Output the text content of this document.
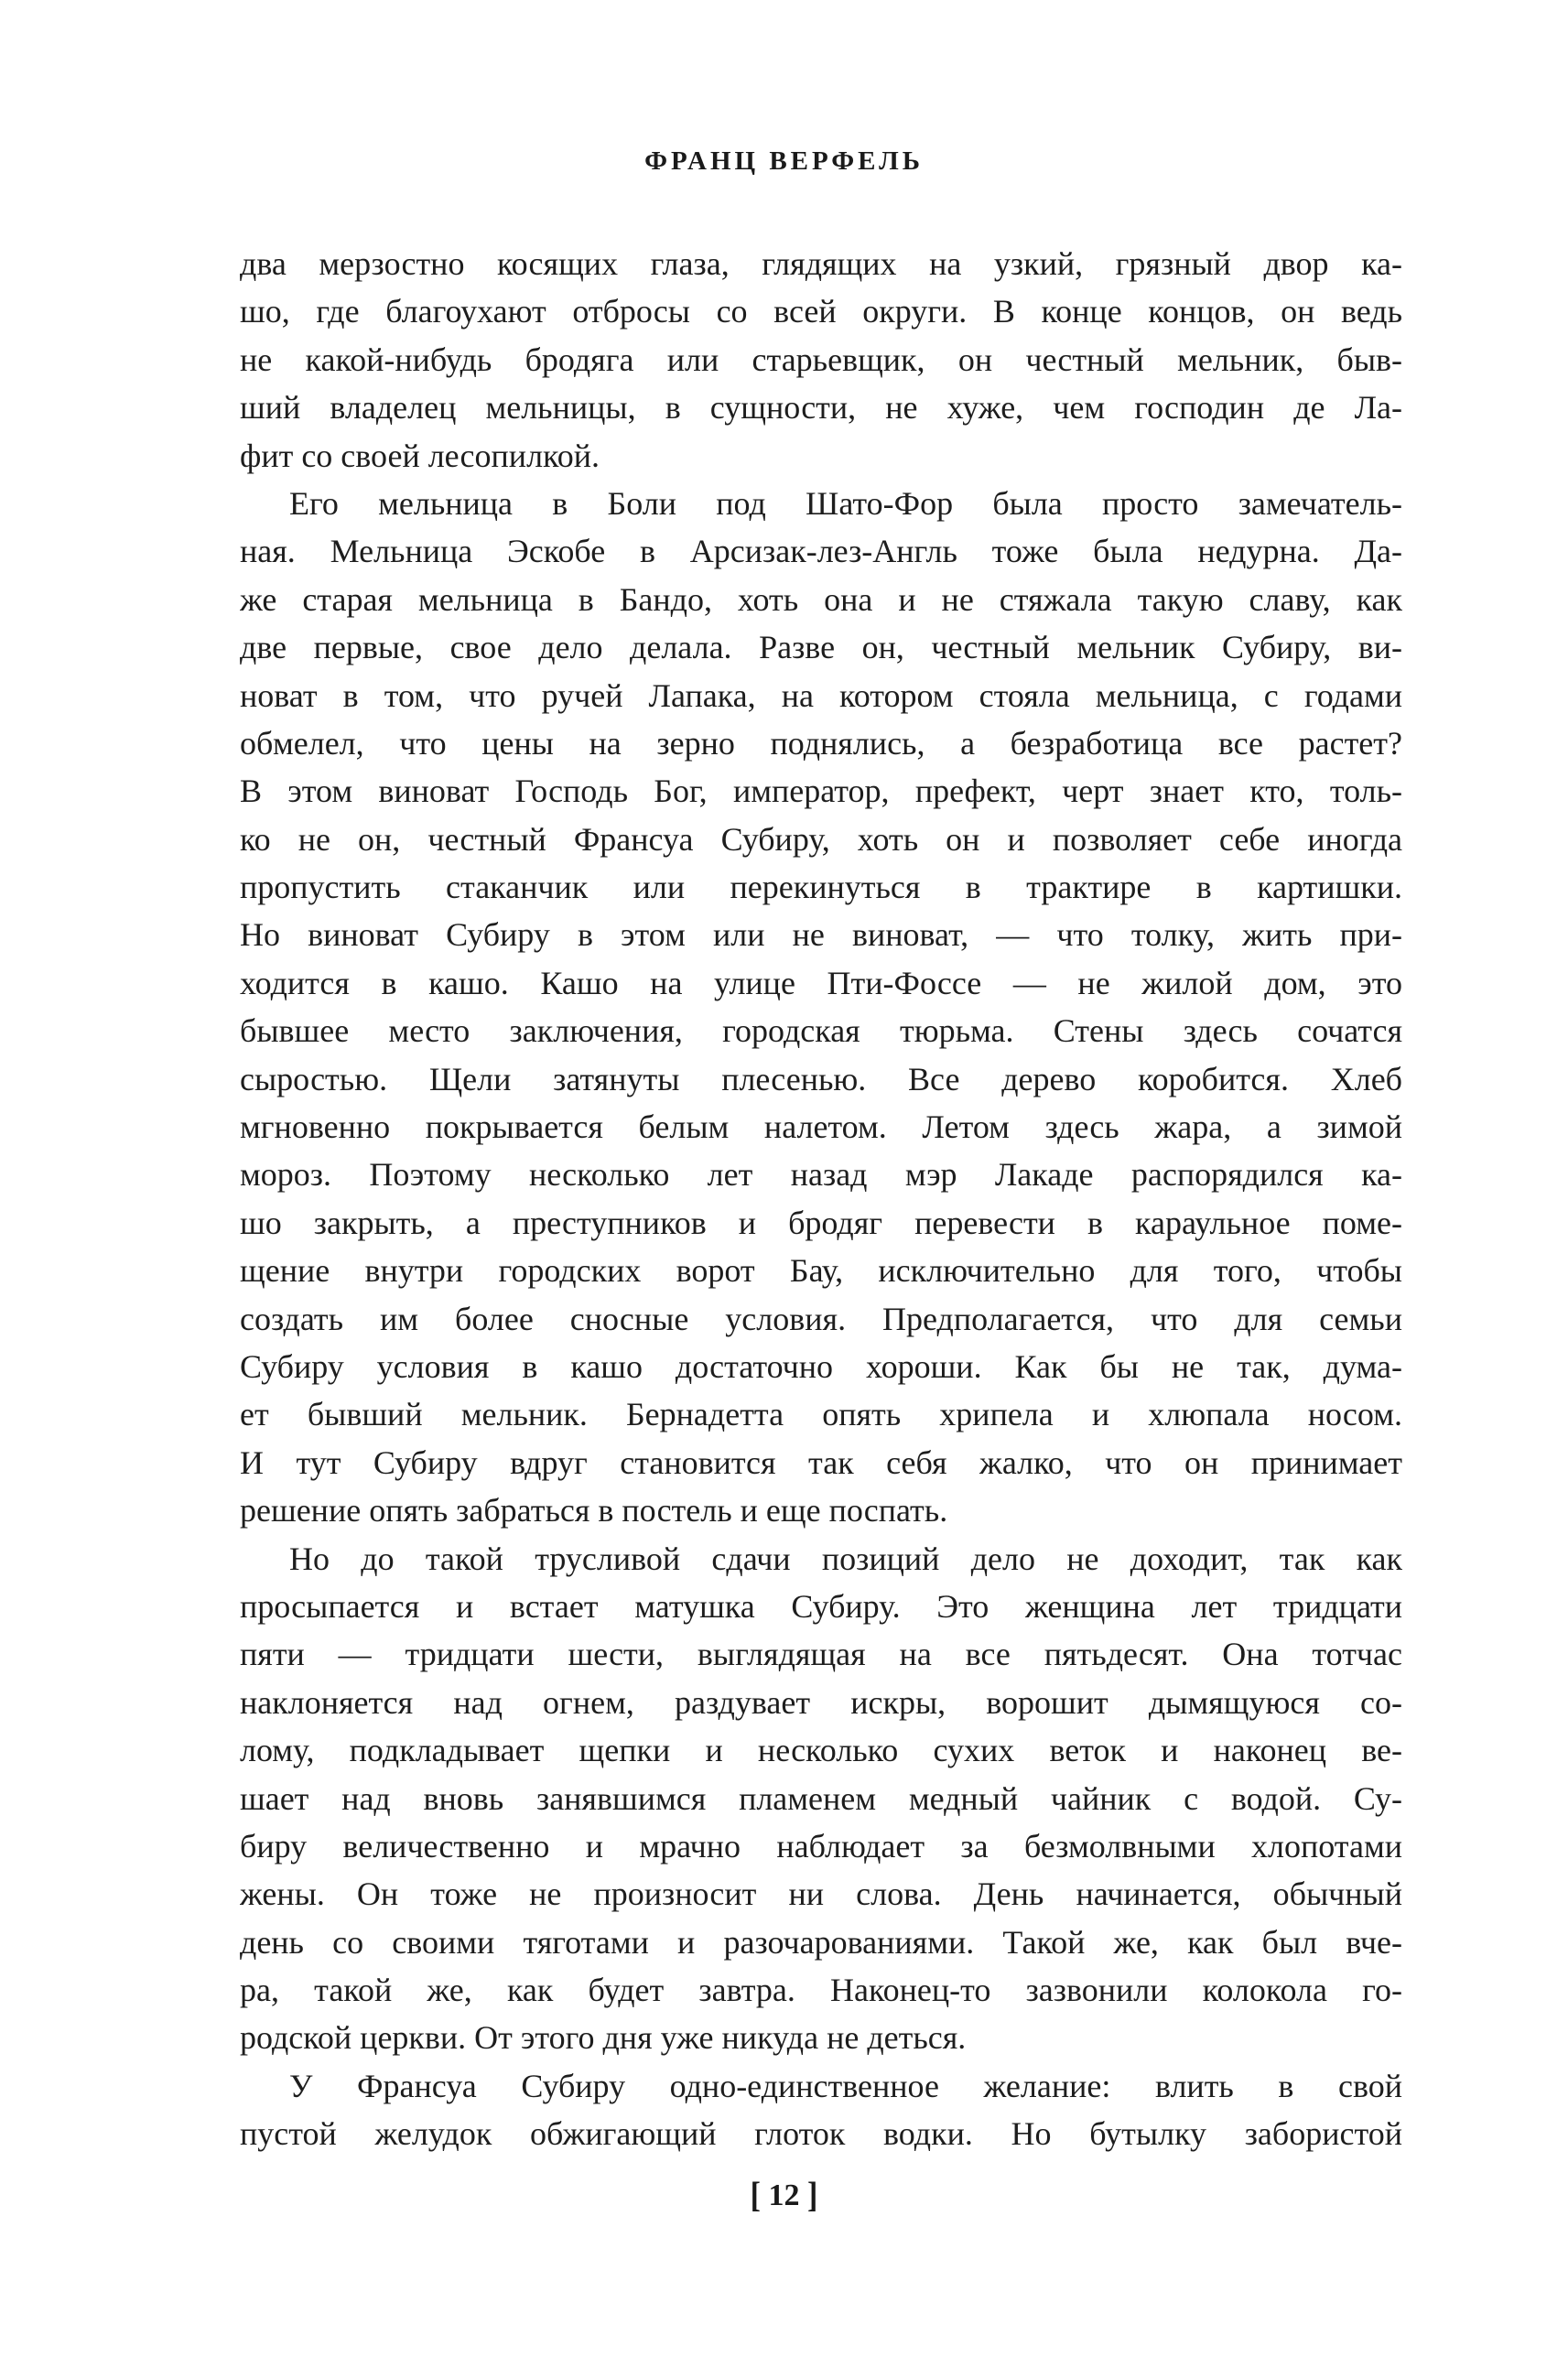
ФРАНЦ ВЕРФЕЛЬ
два мерзостно косящих глаза, глядящих на узкий, грязный двор ка-
шо, где благоухают отбросы со всей округи. В конце концов, он ведь
не какой-нибудь бродяга или старьевщик, он честный мельник, быв-
ший владелец мельницы, в сущности, не хуже, чем господин де Ла-
фит со своей лесопилкой.
Его мельница в Боли под Шато-Фор была просто замечатель-
ная. Мельница Эскобе в Арсизак-лез-Англь тоже была недурна. Да-
же старая мельница в Бандо, хоть она и не стяжала такую славу, как
две первые, свое дело делала. Разве он, честный мельник Субиру, ви-
новат в том, что ручей Лапака, на котором стояла мельница, с годами
обмелел, что цены на зерно поднялись, а безработица все растет?
В этом виноват Господь Бог, император, префект, черт знает кто, толь-
ко не он, честный Франсуа Субиру, хоть он и позволяет себе иногда
пропустить стаканчик или перекинуться в трактире в картишки.
Но виноват Субиру в этом или не виноват, — что толку, жить при-
ходится в кашо. Кашо на улице Пти-Фоссе — не жилой дом, это
бывшее место заключения, городская тюрьма. Стены здесь сочатся
сыростью. Щели затянуты плесенью. Все дерево коробится. Хлеб
мгновенно покрывается белым налетом. Летом здесь жара, а зимой
мороз. Поэтому несколько лет назад мэр Лакаде распорядился ка-
шо закрыть, а преступников и бродяг перевести в караульное поме-
щение внутри городских ворот Бау, исключительно для того, чтобы
создать им более сносные условия. Предполагается, что для семьи
Субиру условия в кашо достаточно хороши. Как бы не так, дума-
ет бывший мельник. Бернадетта опять хрипела и хлюпала носом.
И тут Субиру вдруг становится так себя жалко, что он принимает
решение опять забраться в постель и еще поспать.
Но до такой трусливой сдачи позиций дело не доходит, так как
просыпается и встает матушка Субиру. Это женщина лет тридцати
пяти — тридцати шести, выглядящая на все пятьдесят. Она тотчас
наклоняется над огнем, раздувает искры, ворошит дымящуюся со-
лому, подкладывает щепки и несколько сухих веток и наконец ве-
шает над вновь занявшимся пламенем медный чайник с водой. Су-
биру величественно и мрачно наблюдает за безмолвными хлопотами
жены. Он тоже не произносит ни слова. День начинается, обычный
день со своими тяготами и разочарованиями. Такой же, как был вче-
ра, такой же, как будет завтра. Наконец-то зазвонили колокола го-
родской церкви. От этого дня уже никуда не деться.
У Франсуа Субиру одно-единственное желание: влить в свой
пустой желудок обжигающий глоток водки. Но бутылку забористой
[ 12 ]
